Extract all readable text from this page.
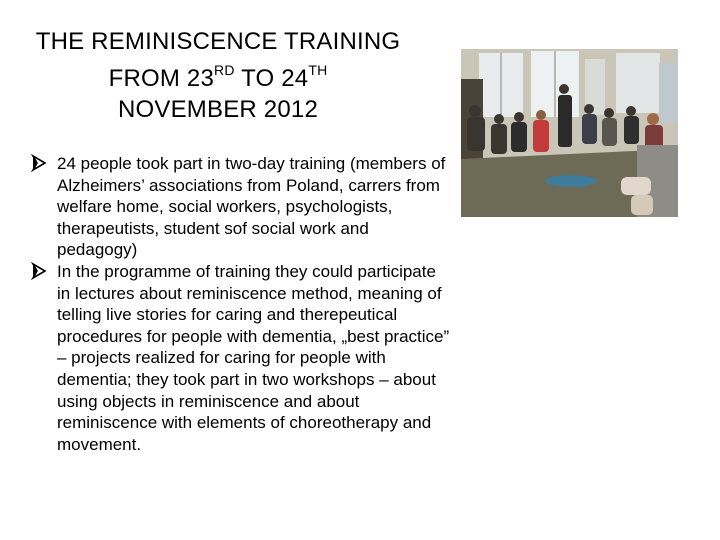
THE REMINISCENCE TRAINING
FROM 23RD TO 24TH
NOVEMBER 2012
24 people took part in two-day training (members of Alzheimers’ associations from Poland, carrers from welfare home, social workers, psychologists, therapeutists, student sof social work and pedagogy)
In the programme of training they could participate in lectures about reminiscence method, meaning of telling live stories for caring and therepeutical procedures for people with dementia, „best practice” – projects realized for caring for people with dementia; they took part in two workshops – about using objects in reminiscence and about reminiscence with elements of choreotherapy and movement.
